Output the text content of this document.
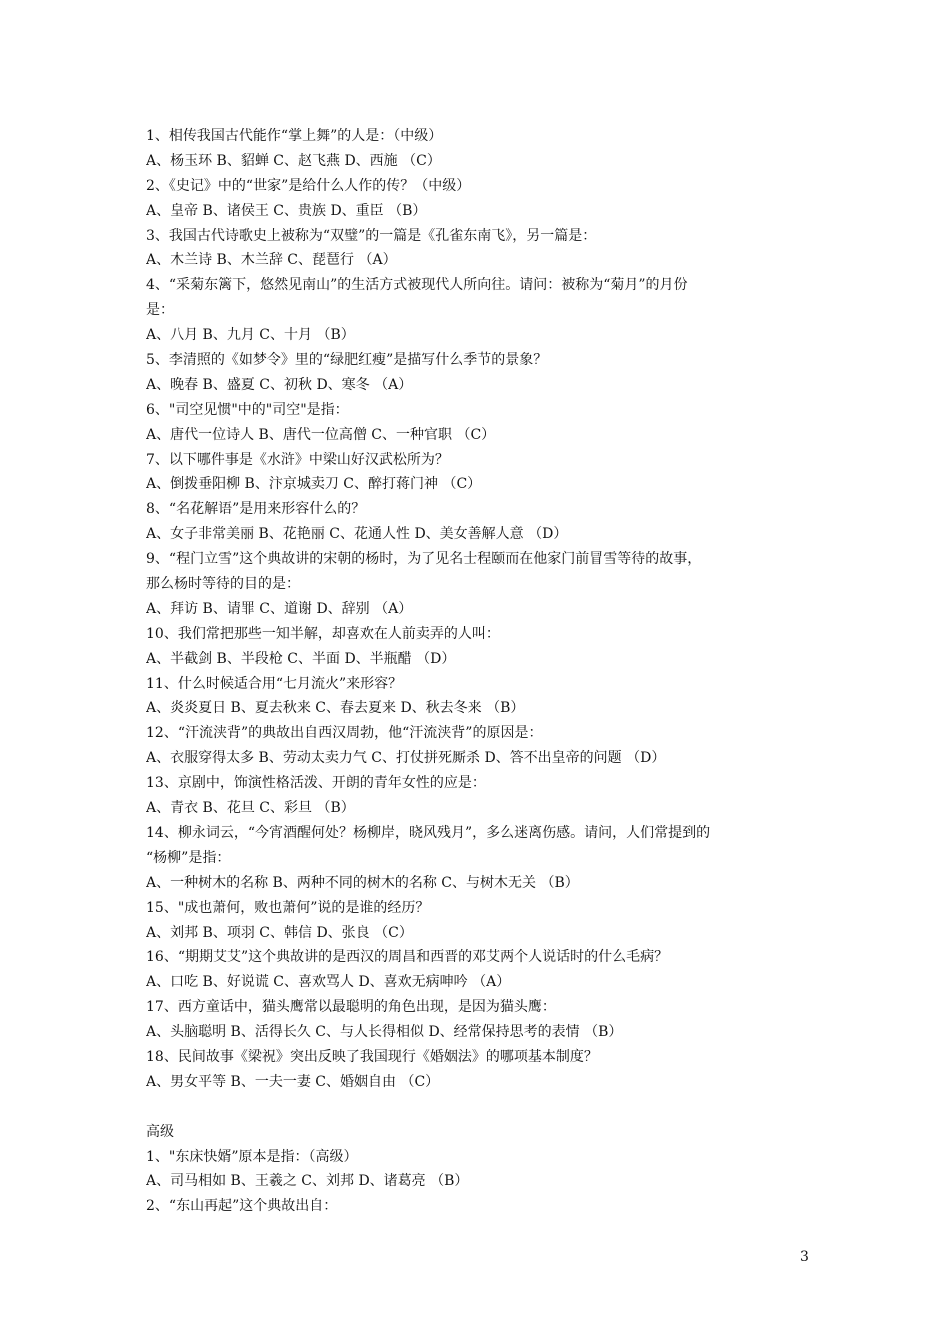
1、相传我国古代能作“掌上舞”的人是：（中级）
A、杨玉环 B、貂蝉 C、赵飞燕 D、西施 （C）
2、《史记》中的“世家”是给什么人作的传？（中级）
A、皇帝 B、诸侯王 C、贵族 D、重臣 （B）
3、我国古代诗歌史上被称为“双璧”的一篇是《孔雀东南飞》，另一篇是：
A、木兰诗 B、木兰辞 C、琵琶行 （A）
4、“采菊东篱下，悠然见南山”的生活方式被现代人所向往。请问：被称为“菊月”的月份
是：
A、八月 B、九月 C、十月 （B）
5、李清照的《如梦令》里的“绿肥红瘦”是描写什么季节的景象？
A、晚春 B、盛夏 C、初秋 D、寒冬 （A）
6、"司空见惯"中的"司空"是指：
A、唐代一位诗人 B、唐代一位高僧 C、一种官职 （C）
7、以下哪件事是《水浒》中梁山好汉武松所为？
A、倒拨垂阳柳 B、汴京城卖刀 C、醉打蒋门神 （C）
8、“名花解语”是用来形容什么的？
A、女子非常美丽 B、花艳丽 C、花通人性 D、美女善解人意 （D）
9、“程门立雪”这个典故讲的宋朝的杨时，为了见名士程颐而在他家门前冒雪等待的故事，
那么杨时等待的目的是：
A、拜访 B、请罪 C、道谢 D、辞别 （A）
10、我们常把那些一知半解，却喜欢在人前卖弄的人叫：
A、半截剑 B、半段枪 C、半面 D、半瓶醋 （D）
11、什么时候适合用“七月流火”来形容？
A、炎炎夏日 B、夏去秋来 C、春去夏来 D、秋去冬来 （B）
12、“汗流浃背”的典故出自西汉周勃，他“汗流浃背”的原因是：
A、衣服穿得太多 B、劳动太卖力气 C、打仗拼死厮杀 D、答不出皇帝的问题 （D）
13、京剧中，饰演性格活泼、开朗的青年女性的应是：
A、青衣 B、花旦 C、彩旦 （B）
14、柳永词云，“今宵酒醒何处？杨柳岸，晓风残月”，多么迷离伤感。请问，人们常提到的
“杨柳”是指：
A、一种树木的名称 B、两种不同的树木的名称 C、与树木无关 （B）
15、"成也萧何，败也萧何”说的是谁的经历？
A、刘邦 B、项羽 C、韩信 D、张良 （C）
16、“期期艾艾”这个典故讲的是西汉的周昌和西晋的邓艾两个人说话时的什么毛病？
A、口吃 B、好说谎 C、喜欢骂人 D、喜欢无病呻吟 （A）
17、西方童话中，猫头鹰常以最聪明的角色出现，是因为猫头鹰：
A、头脑聪明 B、活得长久 C、与人长得相似 D、经常保持思考的表情 （B）
18、民间故事《梁祝》突出反映了我国现行《婚姻法》的哪项基本制度？
A、男女平等 B、一夫一妻 C、婚姻自由 （C）
高级
1、"东床快婿”原本是指：（高级）
A、司马相如 B、王羲之 C、刘邦 D、诸葛亮 （B）
2、“东山再起”这个典故出自：
3
